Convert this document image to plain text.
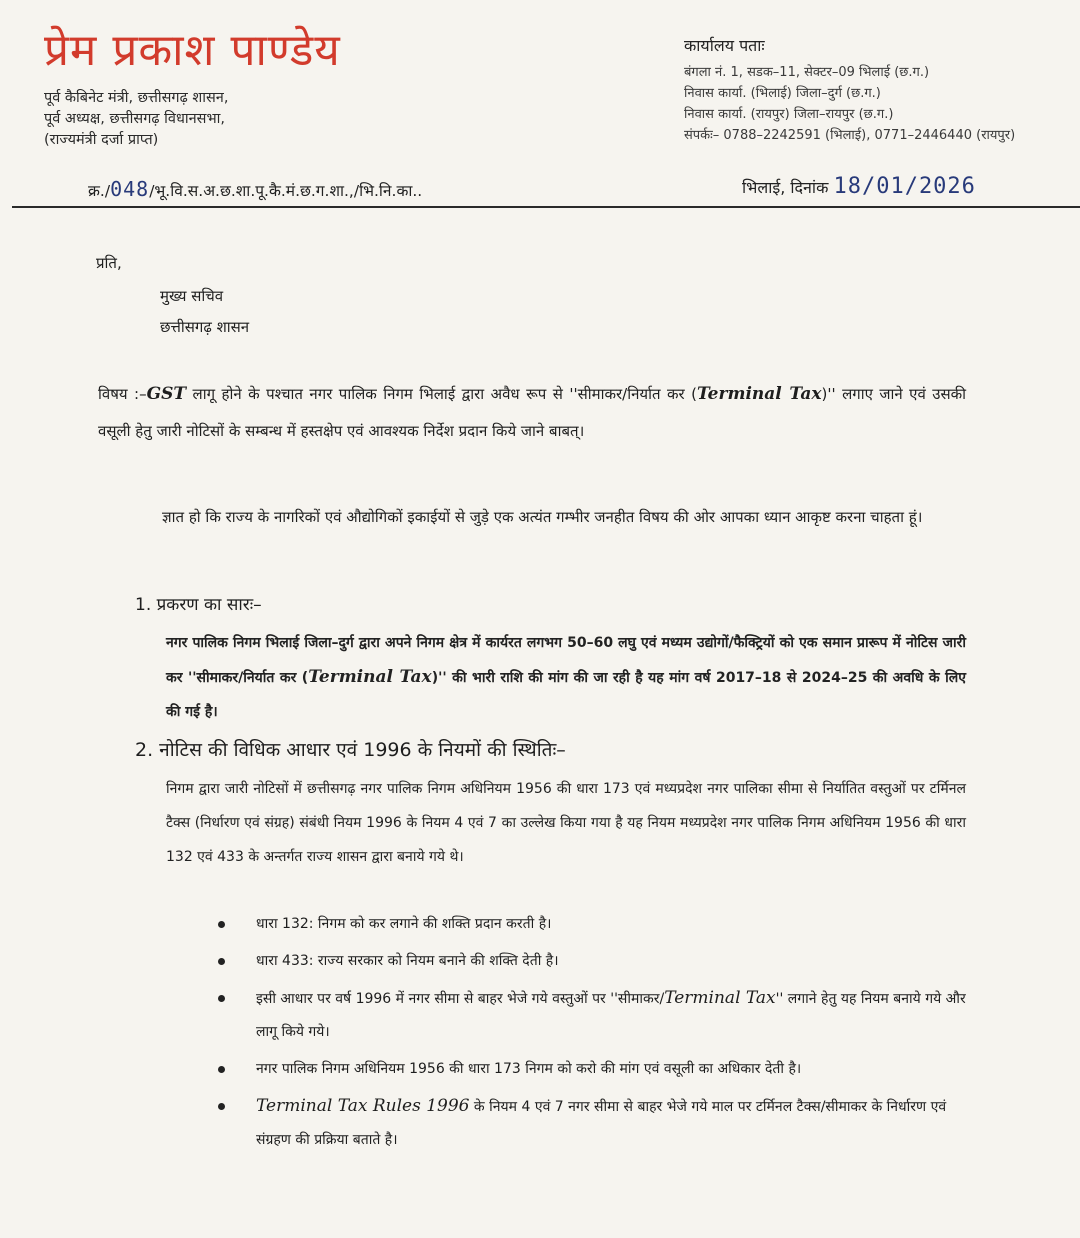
प्रेम प्रकाश पाण्डेय
पूर्व कैबिनेट मंत्री, छत्तीसगढ़ शासन,
पूर्व अध्यक्ष, छत्तीसगढ़ विधानसभा,
(राज्यमंत्री दर्जा प्राप्त)
कार्यालय पताः
बंगला नं. 1, सडक–11, सेक्टर–09 भिलाई (छ.ग.)
निवास कार्या. (भिलाई) जिला–दुर्ग (छ.ग.)
निवास कार्या. (रायपुर) जिला–रायपुर (छ.ग.)
संपर्कः– 0788–2242591 (भिलाई), 0771–2446440 (रायपुर)
क्र./048/भू.वि.स.अ.छ.शा.पू.कै.मं.छ.ग.शा.,/भि.नि.का..	भिलाई, दिनांक 18/01/2026
प्रति,
मुख्य सचिव
छत्तीसगढ़ शासन
विषय :–GST लागू होने के पश्चात नगर पालिक निगम भिलाई द्वारा अवैध रूप से ''सीमाकर/निर्यात कर (Terminal Tax)'' लगाए जाने एवं उसकी वसूली हेतु जारी नोटिसों के सम्बन्ध में हस्तक्षेप एवं आवश्यक निर्देश प्रदान किये जाने बाबत्।
ज्ञात हो कि राज्य के नागरिकों एवं औद्योगिकों इकाईयों से जुड़े एक अत्यंत गम्भीर जनहीत विषय की ओर आपका ध्यान आकृष्ट करना चाहता हूं।
1. प्रकरण का सारः–
नगर पालिक निगम भिलाई जिला–दुर्ग द्वारा अपने निगम क्षेत्र में कार्यरत लगभग 50–60 लघु एवं मध्यम उद्योगों/फैक्ट्रियों को एक समान प्रारूप में नोटिस जारी कर ''सीमाकर/निर्यात कर (Terminal Tax)'' की भारी राशि की मांग की जा रही है यह मांग वर्ष 2017–18 से 2024–25 की अवधि के लिए की गई है।
2. नोटिस की विधिक आधार एवं 1996 के नियमों की स्थितिः–
निगम द्वारा जारी नोटिसों में छत्तीसगढ़ नगर पालिक निगम अधिनियम 1956 की धारा 173 एवं मध्यप्रदेश नगर पालिका सीमा से निर्यातित वस्तुओं पर टर्मिनल टैक्स (निर्धारण एवं संग्रह) संबंधी नियम 1996 के नियम 4 एवं 7 का उल्लेख किया गया है यह नियम मध्यप्रदेश नगर पालिक निगम अधिनियम 1956 की धारा 132 एवं 433 के अन्तर्गत राज्य शासन द्वारा बनाये गये थे।
धारा 132: निगम को कर लगाने की शक्ति प्रदान करती है।
धारा 433: राज्य सरकार को नियम बनाने की शक्ति देती है।
इसी आधार पर वर्ष 1996 में नगर सीमा से बाहर भेजे गये वस्तुओं पर ''सीमाकर/Terminal Tax'' लगाने हेतु यह नियम बनाये गये और लागू किये गये।
नगर पालिक निगम अधिनियम 1956 की धारा 173 निगम को करो की मांग एवं वसूली का अधिकार देती है।
Terminal Tax Rules 1996 के नियम 4 एवं 7 नगर सीमा से बाहर भेजे गये माल पर टर्मिनल टैक्स/सीमाकर के निर्धारण एवं संग्रहण की प्रक्रिया बताते है।
